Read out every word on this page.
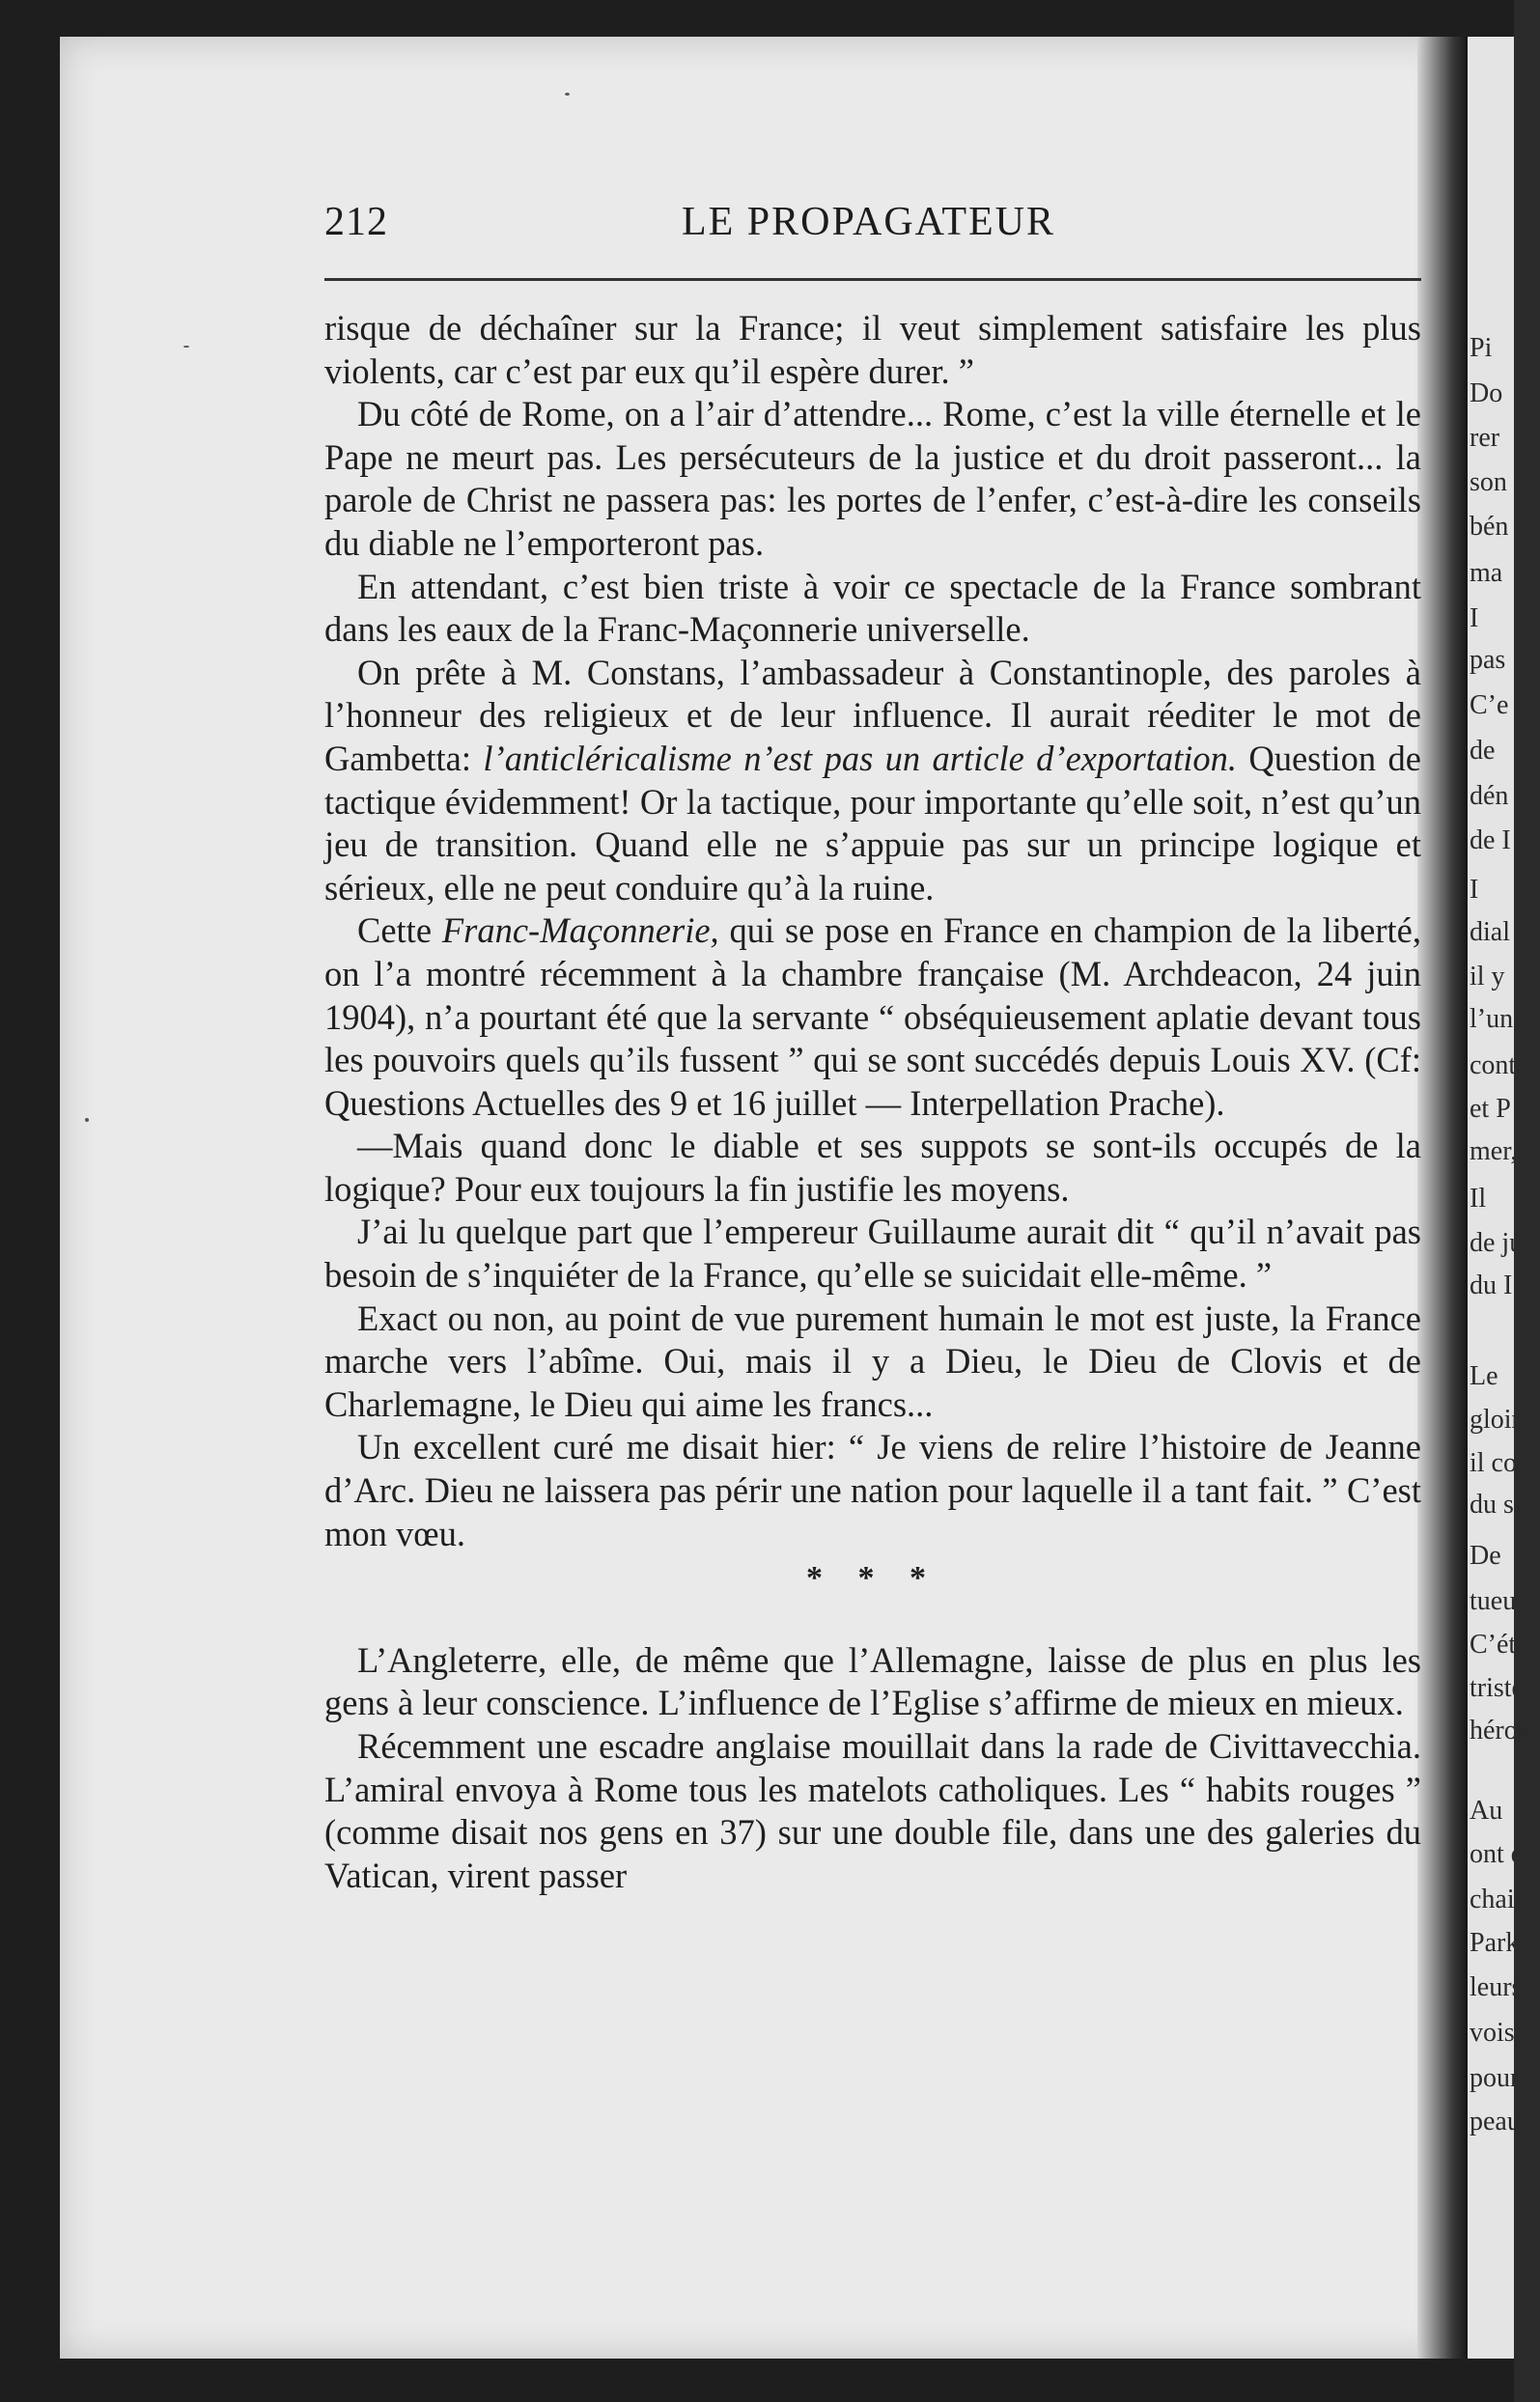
Pi
Do
rer
son
bén
ma
I
pas
C’e
de
dén
de I
I
dial
il y
l’un
cont
et P
mer,
Il
de ju
du I
Le
gloir
il co
du sa
De
tueus
C’éta
triste
héros
Au
ont d
chaine
Parke
leurs
voisin
pour I
peau é
212	LE PROPAGATEUR

risque de déchaîner sur la France; il veut simplement satisfaire les plus violents, car c’est par eux qu’il espère durer. ”

Du côté de Rome, on a l’air d’attendre... Rome, c’est la ville éternelle et le Pape ne meurt pas. Les persécuteurs de la justice et du droit passeront... la parole de Christ ne passera pas: les portes de l’enfer, c’est-à-dire les conseils du diable ne l’emporteront pas.

En attendant, c’est bien triste à voir ce spectacle de la France sombrant dans les eaux de la Franc-Maçonnerie universelle.

On prête à M. Constans, l’ambassadeur à Constantinople, des paroles à l’honneur des religieux et de leur influence. Il aurait réediter le mot de Gambetta: l’anticléricalisme n’est pas un article d’exportation. Question de tactique évidemment! Or la tactique, pour importante qu’elle soit, n’est qu’un jeu de transition. Quand elle ne s’appuie pas sur un principe logique et sérieux, elle ne peut conduire qu’à la ruine.

Cette Franc-Maçonnerie, qui se pose en France en champion de la liberté, on l’a montré récemment à la chambre française (M. Archdeacon, 24 juin 1904), n’a pourtant été que la servante “ obséquieusement aplatie devant tous les pouvoirs quels qu’ils fussent ” qui se sont succédés depuis Louis XV. (Cf: Questions Actuelles des 9 et 16 juillet — Interpellation Prache).

—Mais quand donc le diable et ses suppots se sont-ils occupés de la logique? Pour eux toujours la fin justifie les moyens.

J’ai lu quelque part que l’empereur Guillaume aurait dit “ qu’il n’avait pas besoin de s’inquiéter de la France, qu’elle se suicidait elle-même. ”

Exact ou non, au point de vue purement humain le mot est juste, la France marche vers l’abîme. Oui, mais il y a Dieu, le Dieu de Clovis et de Charlemagne, le Dieu qui aime les francs...

Un excellent curé me disait hier: “ Je viens de relire l’histoire de Jeanne d’Arc. Dieu ne laissera pas périr une nation pour laquelle il a tant fait. ” C’est mon vœu.

* * *

L’Angleterre, elle, de même que l’Allemagne, laisse de plus en plus les gens à leur conscience. L’influence de l’Eglise s’affirme de mieux en mieux.

Récemment une escadre anglaise mouillait dans la rade de Civittavecchia. L’amiral envoya à Rome tous les matelots catholiques. Les “ habits rouges ” (comme disait nos gens en 37) sur une double file, dans une des galeries du Vatican, virent passer
